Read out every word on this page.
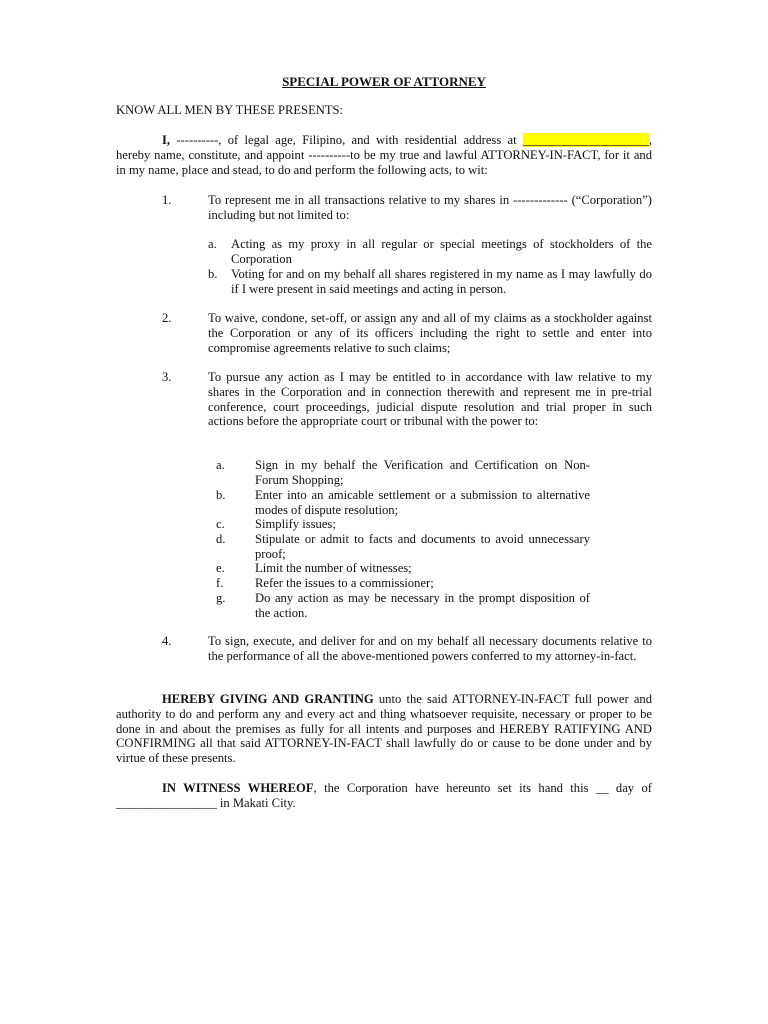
SPECIAL POWER OF ATTORNEY
KNOW ALL MEN BY THESE PRESENTS:
I, ----------, of legal age, Filipino, and with residential address at ____________________, hereby name, constitute, and appoint ----------to be my true and lawful ATTORNEY-IN-FACT, for it and in my name, place and stead, to do and perform the following acts, to wit:
1.	To represent me in all transactions relative to my shares in ------------- (“Corporation”) including but not limited to:
a. Acting as my proxy in all regular or special meetings of stockholders of the Corporation
b. Voting for and on my behalf all shares registered in my name as I may lawfully do if I were present in said meetings and acting in person.
2.	To waive, condone, set-off, or assign any and all of my claims as a stockholder against the Corporation or any of its officers including the right to settle and enter into compromise agreements relative to such claims;
3.	To pursue any action as I may be entitled to in accordance with law relative to my shares in the Corporation and in connection therewith and represent me in pre-trial conference, court proceedings, judicial dispute resolution and trial proper in such actions before the appropriate court or tribunal with the power to:
a. Sign in my behalf the Verification and Certification on Non-Forum Shopping;
b. Enter into an amicable settlement or a submission to alternative modes of dispute resolution;
c. Simplify issues;
d. Stipulate or admit to facts and documents to avoid unnecessary proof;
e. Limit the number of witnesses;
f.	Refer the issues to a commissioner;
g. Do any action as may be necessary in the prompt disposition of the action.
4.	To sign, execute, and deliver for and on my behalf all necessary documents relative to the performance of all the above-mentioned powers conferred to my attorney-in-fact.
HEREBY GIVING AND GRANTING unto the said ATTORNEY-IN-FACT full power and authority to do and perform any and every act and thing whatsoever requisite, necessary or proper to be done in and about the premises as fully for all intents and purposes and HEREBY RATIFYING AND CONFIRMING all that said ATTORNEY-IN-FACT shall lawfully do or cause to be done under and by virtue of these presents.
IN WITNESS WHEREOF, the Corporation have hereunto set its hand this __ day of ________________ in Makati City.
